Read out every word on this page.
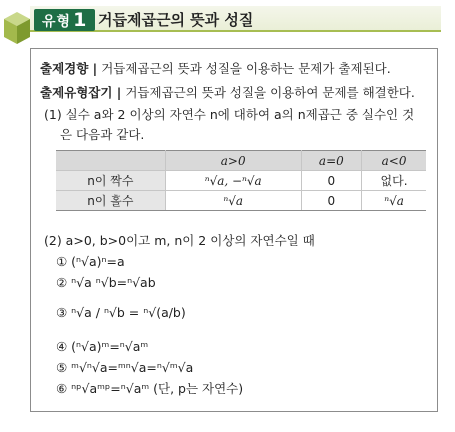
유형 1 거듭제곱근의 뜻과 성질
출제경향 | 거듭제곱근의 뜻과 성질을 이용하는 문제가 출제된다.
출제유형잡기 | 거듭제곱근의 뜻과 성질을 이용하여 문제를 해결한다.
(1) 실수 a와 2 이상의 자연수 n에 대하여 a의 n제곱근 중 실수인 것
은 다음과 같다.
	a>0	a=0	a<0
n이 짝수	ⁿ√a, −ⁿ√a	0	없다.
n이 홀수	ⁿ√a	0	ⁿ√a
(2) a>0, b>0이고 m, n이 2 이상의 자연수일 때
① (ⁿ√a)ⁿ=a
② ⁿ√a ⁿ√b=ⁿ√ab
③ ⁿ√a / ⁿ√b = ⁿ√(a/b)
④ (ⁿ√a)ᵐ=ⁿ√aᵐ
⑤ ᵐ√ⁿ√a=ᵐⁿ√a=ⁿ√ᵐ√a
⑥ ⁿᵖ√aᵐᵖ=ⁿ√aᵐ (단, p는 자연수)
